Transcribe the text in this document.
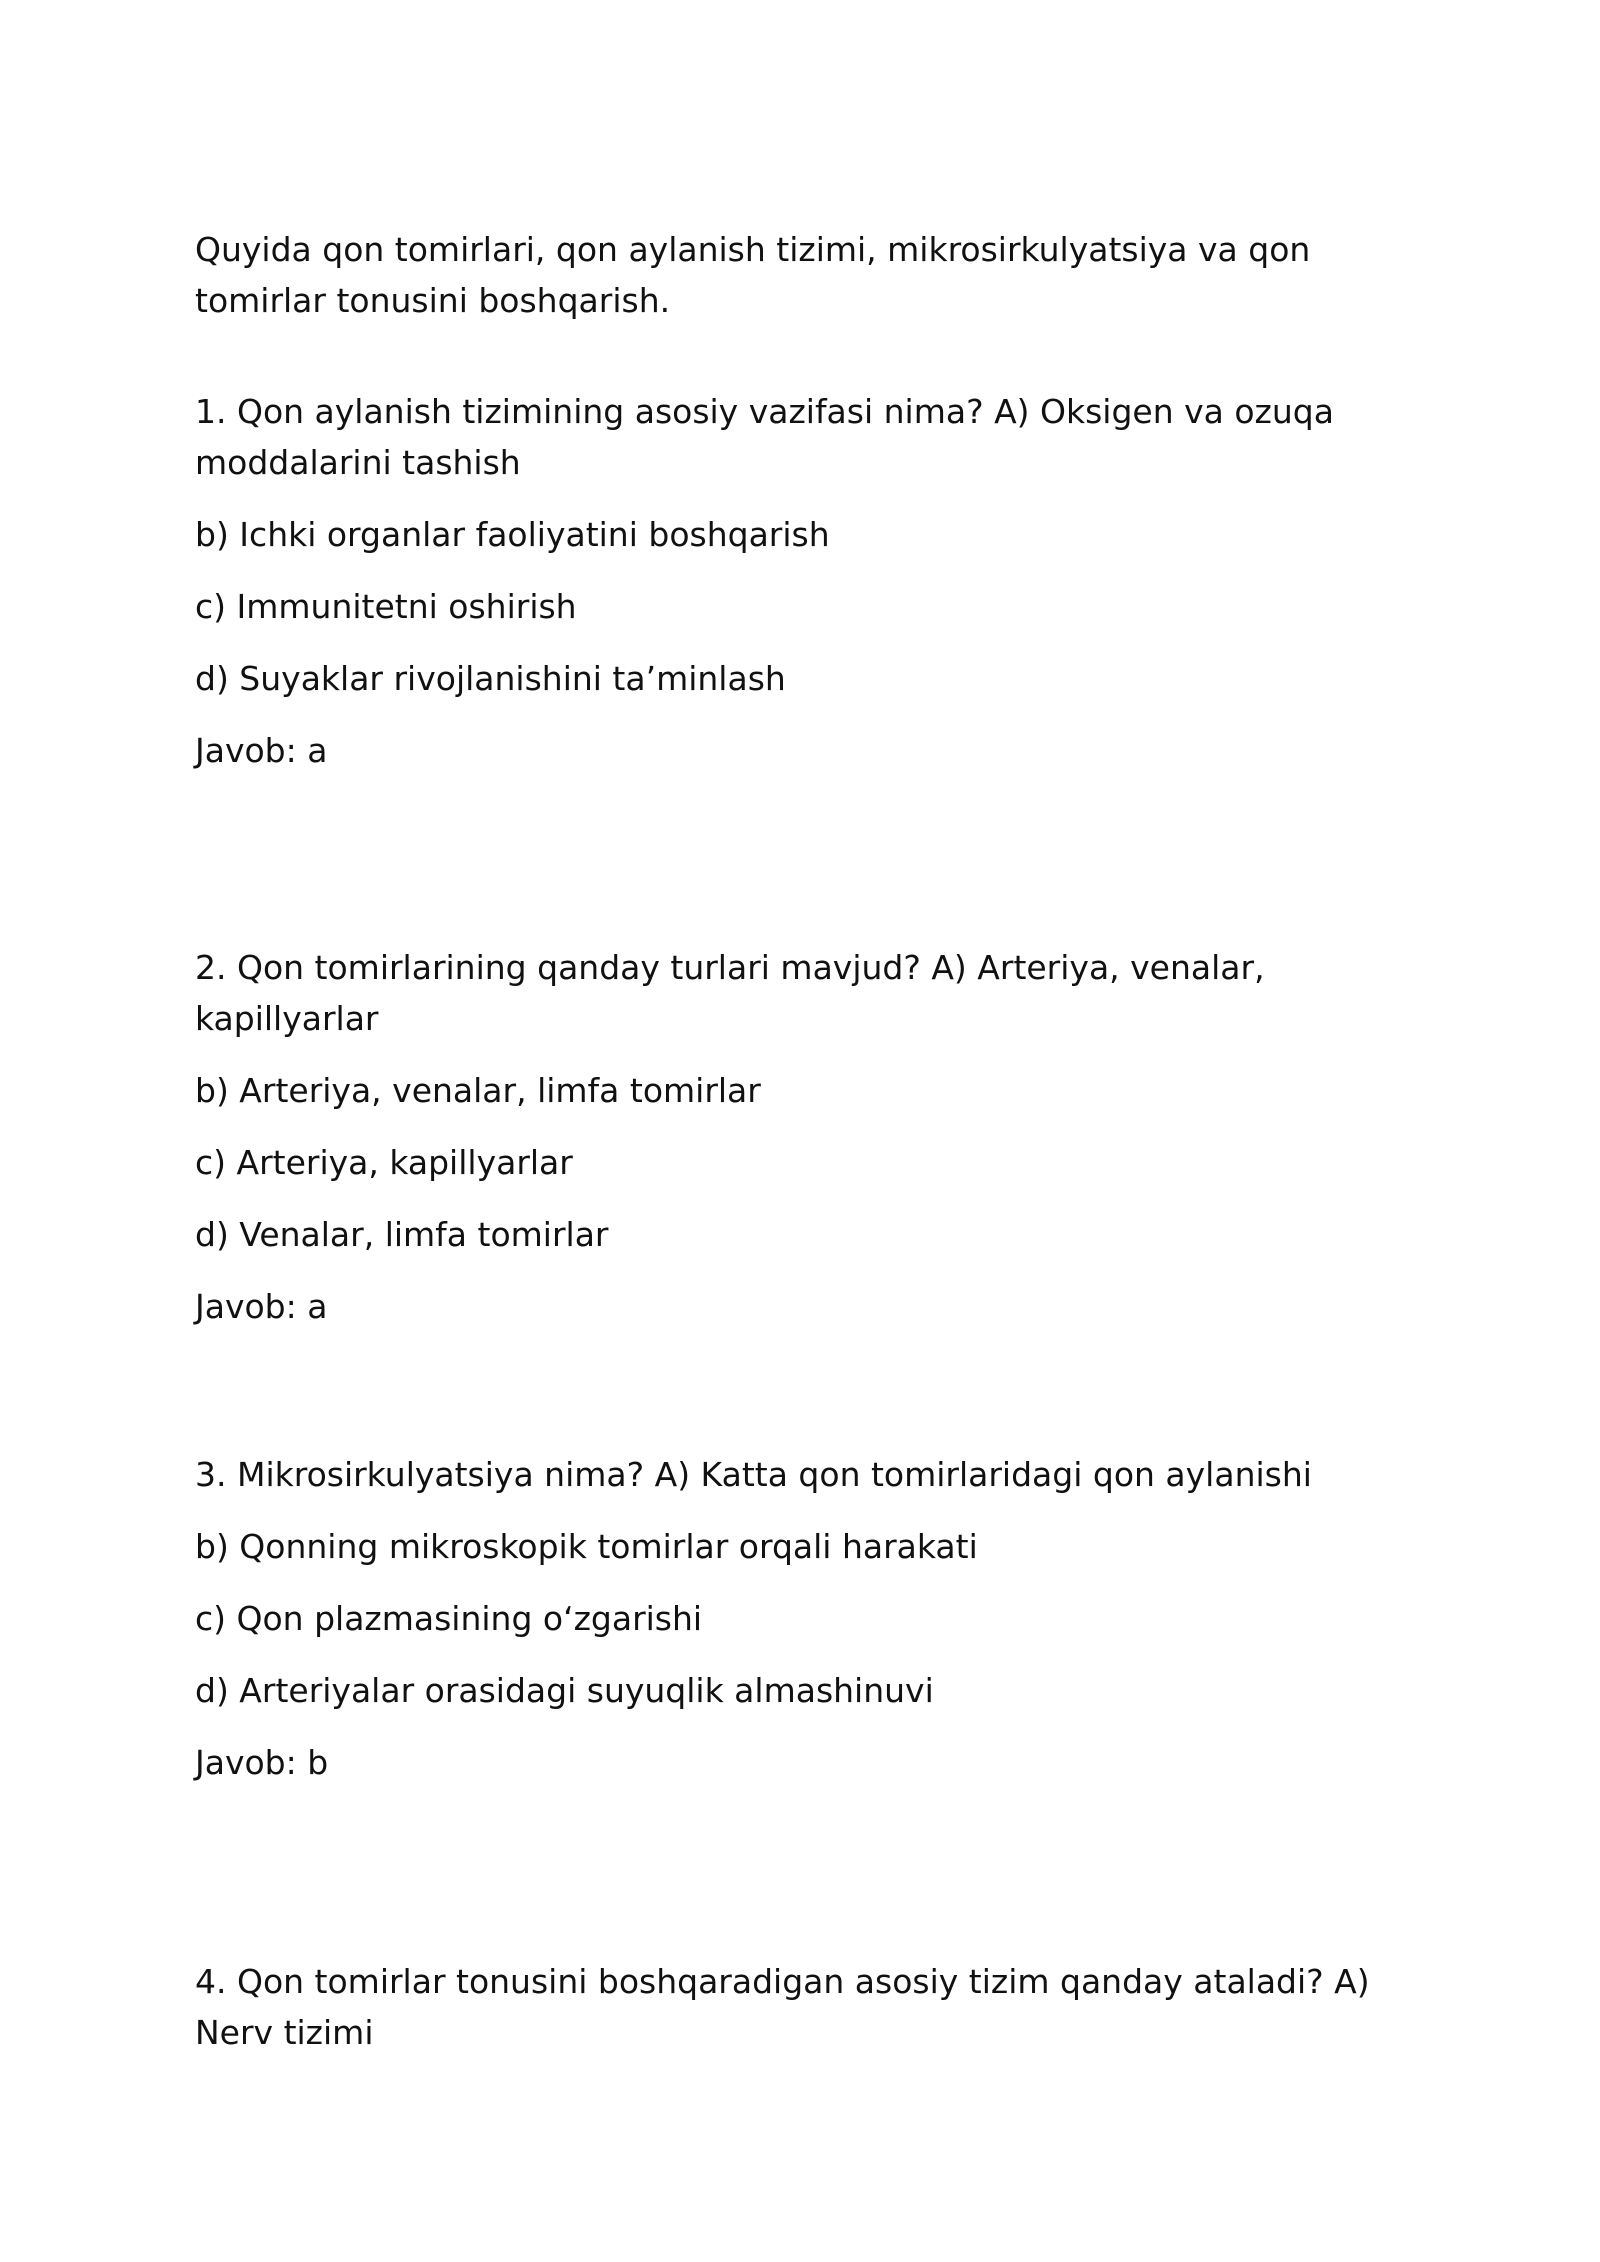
Quyida qon tomirlari, qon aylanish tizimi, mikrosirkulyatsiya va qon tomirlar tonusini boshqarish.

1. Qon aylanish tizimining asosiy vazifasi nima? A) Oksigen va ozuqa moddalarini tashish

b) Ichki organlar faoliyatini boshqarish

c) Immunitetni oshirish

d) Suyaklar rivojlanishini ta’minlash

Javob: a

2. Qon tomirlarining qanday turlari mavjud? A) Arteriya, venalar, kapillyarlar

b) Arteriya, venalar, limfa tomirlar

c) Arteriya, kapillyarlar

d) Venalar, limfa tomirlar

Javob: a

3. Mikrosirkulyatsiya nima? A) Katta qon tomirlaridagi qon aylanishi

b) Qonning mikroskopik tomirlar orqali harakati

c) Qon plazmasining o‘zgarishi

d) Arteriyalar orasidagi suyuqlik almashinuvi

Javob: b

4. Qon tomirlar tonusini boshqaradigan asosiy tizim qanday ataladi? A) Nerv tizimi
